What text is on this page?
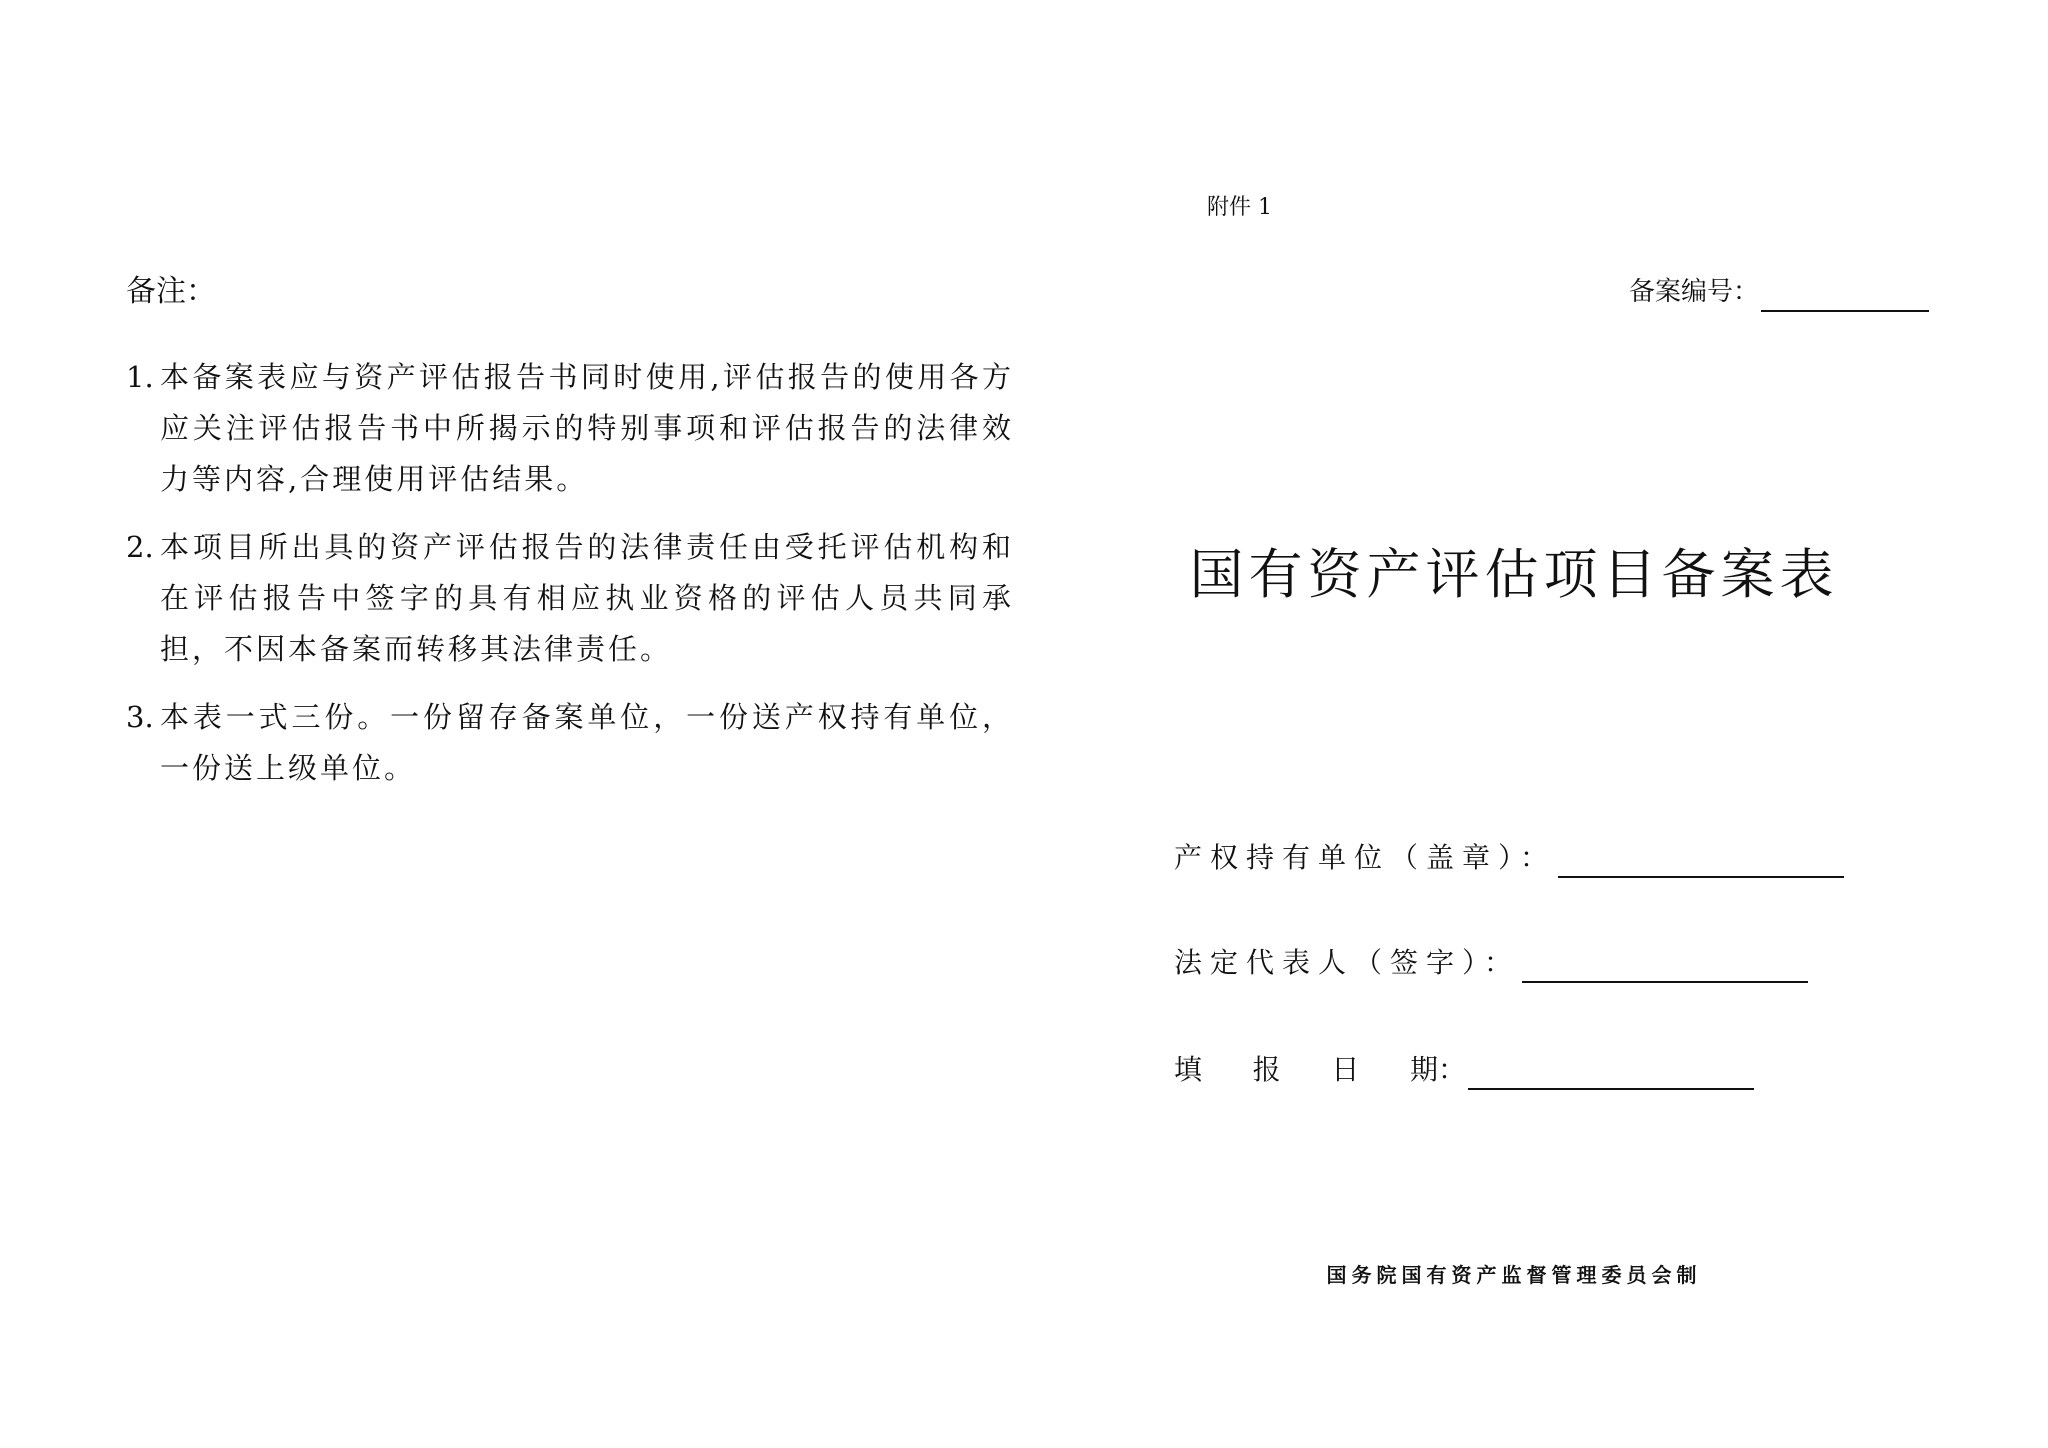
备注：
1. 本备案表应与资产评估报告书同时使用,评估报告的使用各方应关注评估报告书中所揭示的特别事项和评估报告的法律效力等内容,合理使用评估结果。
2. 本项目所出具的资产评估报告的法律责任由受托评估机构和在评估报告中签字的具有相应执业资格的评估人员共同承担，不因本备案而转移其法律责任。
3. 本表一式三份。一份留存备案单位，一份送产权持有单位，一份送上级单位。
附件 1
备案编号：
国有资产评估项目备案表
产权持有单位（盖章）：
法定代表人（签字）：
填 报 日 期 ：
国务院国有资产监督管理委员会制
